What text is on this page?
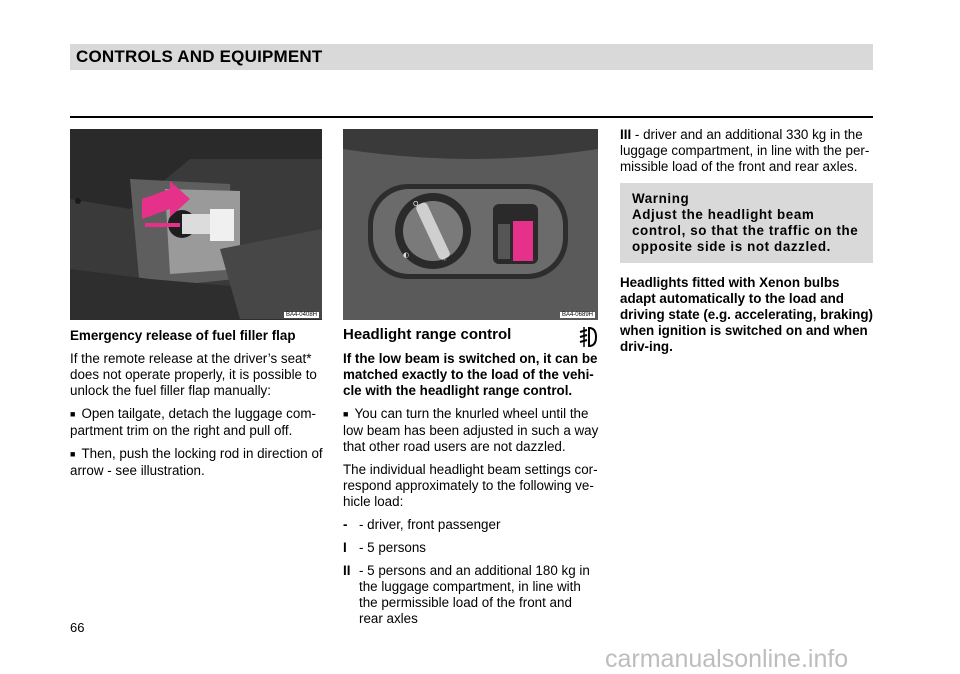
CONTROLS AND EQUIPMENT
BA4-0408H
O
◐	☼
BA4-0689H

Emergency release of fuel filler flap

If the remote release at the driver’s seat* does not operate properly, it is possible to unlock the fuel filler flap manually:

■ Open tailgate, detach the luggage com-partment trim on the right and pull off.

■ Then, push the locking rod in direction of arrow - see illustration.

Headlight range control

If the low beam is switched on, it can be matched exactly to the load of the vehi-cle with the headlight range control.

■ You can turn the knurled wheel until the low beam has been adjusted in such a way that other road users are not dazzled.

The individual headlight beam settings cor-respond approximately to the following ve-hicle load:

- - driver, front passenger
I - 5 persons
II - 5 persons and an additional 180 kg in the luggage compartment, in line with the permissible load of the front and rear axles

III - driver and an additional 330 kg in the luggage compartment, in line with the per-missible load of the front and rear axles.

Warning
Adjust the headlight beam control, so that the traffic on the opposite side is not dazzled.

Headlights fitted with Xenon bulbs adapt automatically to the load and driving state (e.g. accelerating, braking) when ignition is switched on and when driv-ing.

66
carmanualsonline.info
